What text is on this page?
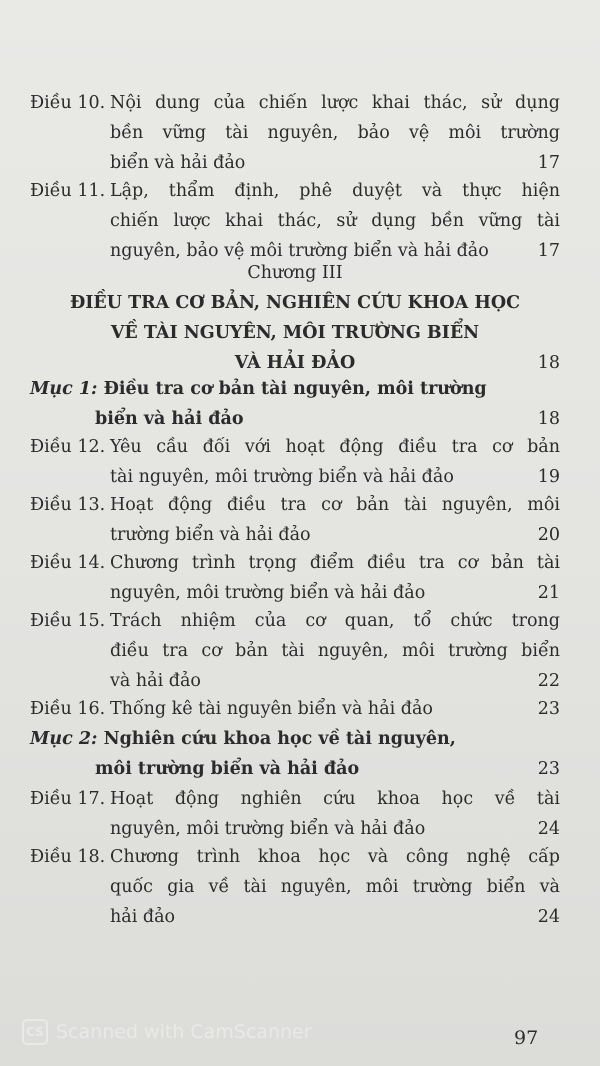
Điều 10. Nội dung của chiến lược khai thác, sử dụng
bền vững tài nguyên, bảo vệ môi trường
biển và hải đảo	17
Điều 11. Lập, thẩm định, phê duyệt và thực hiện
chiến lược khai thác, sử dụng bền vững tài
nguyên, bảo vệ môi trường biển và hải đảo	17
Chương III
ĐIỀU TRA CƠ BẢN, NGHIÊN CỨU KHOA HỌC
VỀ TÀI NGUYÊN, MÔI TRƯỜNG BIỂN
VÀ HẢI ĐẢO	18
Mục 1: Điều tra cơ bản tài nguyên, môi trường
biển và hải đảo	18
Điều 12. Yêu cầu đối với hoạt động điều tra cơ bản
tài nguyên, môi trường biển và hải đảo	19
Điều 13. Hoạt động điều tra cơ bản tài nguyên, môi
trường biển và hải đảo	20
Điều 14. Chương trình trọng điểm điều tra cơ bản tài
nguyên, môi trường biển và hải đảo	21
Điều 15. Trách nhiệm của cơ quan, tổ chức trong
điều tra cơ bản tài nguyên, môi trường biển
và hải đảo	22
Điều 16. Thống kê tài nguyên biển và hải đảo	23
Mục 2: Nghiên cứu khoa học về tài nguyên,
môi trường biển và hải đảo	23
Điều 17. Hoạt động nghiên cứu khoa học về tài
nguyên, môi trường biển và hải đảo	24
Điều 18. Chương trình khoa học và công nghệ cấp
quốc gia về tài nguyên, môi trường biển và
hải đảo	24
CS Scanned with CamScanner	97
